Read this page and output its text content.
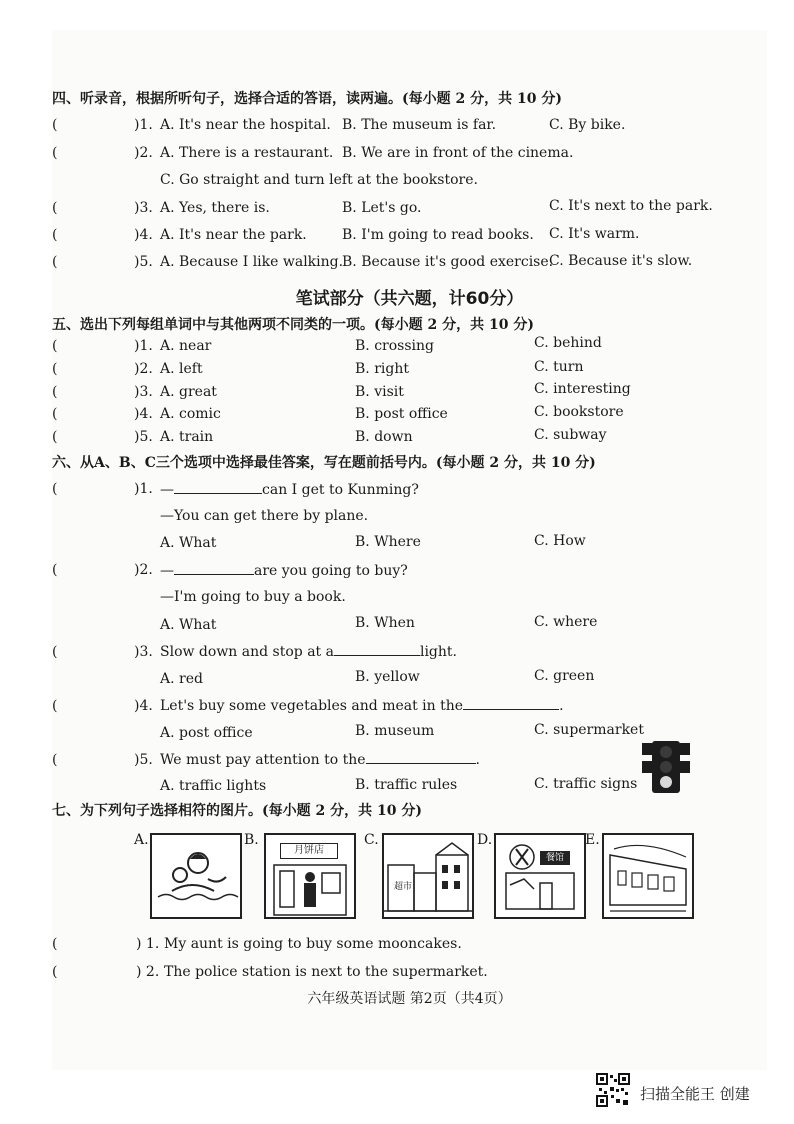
四、听录音，根据所听句子，选择合适的答语，读两遍。(每小题 2 分，共 10 分)
(	)1. A. It's near the hospital. B. The museum is far.	C. By bike.
(	)2. A. There is a restaurant. B. We are in front of the cinema.
C. Go straight and turn left at the bookstore.
(	)3. A. Yes, there is.	B. Let's go.	C. It's next to the park.
(	)4. A. It's near the park.	B. I'm going to read books. C. It's warm.
(	)5. A. Because I like walking.
B. Because it's good exercise.
C. Because it's slow.
笔试部分（共六题，计60分）
五、选出下列每组单词中与其他两项不同类的一项。(每小题 2 分，共 10 分)
(	)1. A. near	B. crossing	C. behind
(	)2. A. left	B. right	C. turn
(	)3. A. great	B. visit	C. interesting
(	)4. A. comic	B. post office	C. bookstore
(	)5. A. train	B. down	C. subway
六、从A、B、C三个选项中选择最佳答案，写在题前括号内。(每小题 2 分，共 10 分)
(	)1. —	can I get to Kunming?
—You can get there by plane.
A. What	B. Where	C. How
(	)2. —	are you going to buy?
—I'm going to buy a book.
A. What	B. When	C. where
(	)3. Slow down and stop at a	light.
A. red	B. yellow	C. green
(	)4. Let's buy some vegetables and meat in the	.
A. post office	B. museum	C. supermarket
(	)5. We must pay attention to the	.
A. traffic lights	B. traffic rules	C. traffic signs
七、为下列句子选择相符的图片。(每小题 2 分，共 10 分)
A.	B.
月饼店
C.
超市
D.
餐馆
E.
(	) 1. My aunt is going to buy some mooncakes.
(	) 2. The police station is next to the supermarket.
六年级英语试题 第2页（共4页）
扫描全能王 创建
